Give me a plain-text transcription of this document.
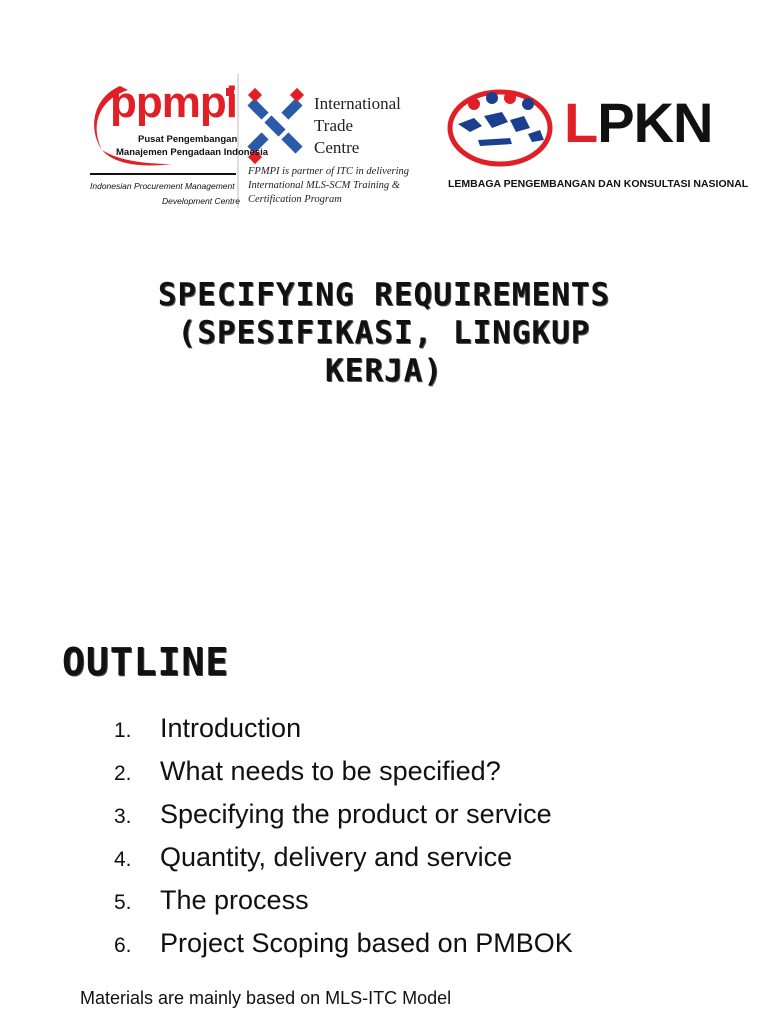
ppmpi
Pusat Pengembangan
Manajemen Pengadaan Indonesia
Indonesian Procurement Management
Development Centre
International
Trade
Centre
FPMPI is partner of ITC in delivering
International MLS-SCM Training &
Certification Program
LPKN
LEMBAGA PENGEMBANGAN DAN KONSULTASI NASIONAL
SPECIFYING REQUIREMENTS
(SPESIFIKASI, LINGKUP
KERJA)
OUTLINE
1.	Introduction
2.	What needs to be specified?
3.	Specifying the product or service
4.	Quantity, delivery and service
5.	The process
6.	Project Scoping based on PMBOK
Materials are mainly based on MLS-ITC Model
